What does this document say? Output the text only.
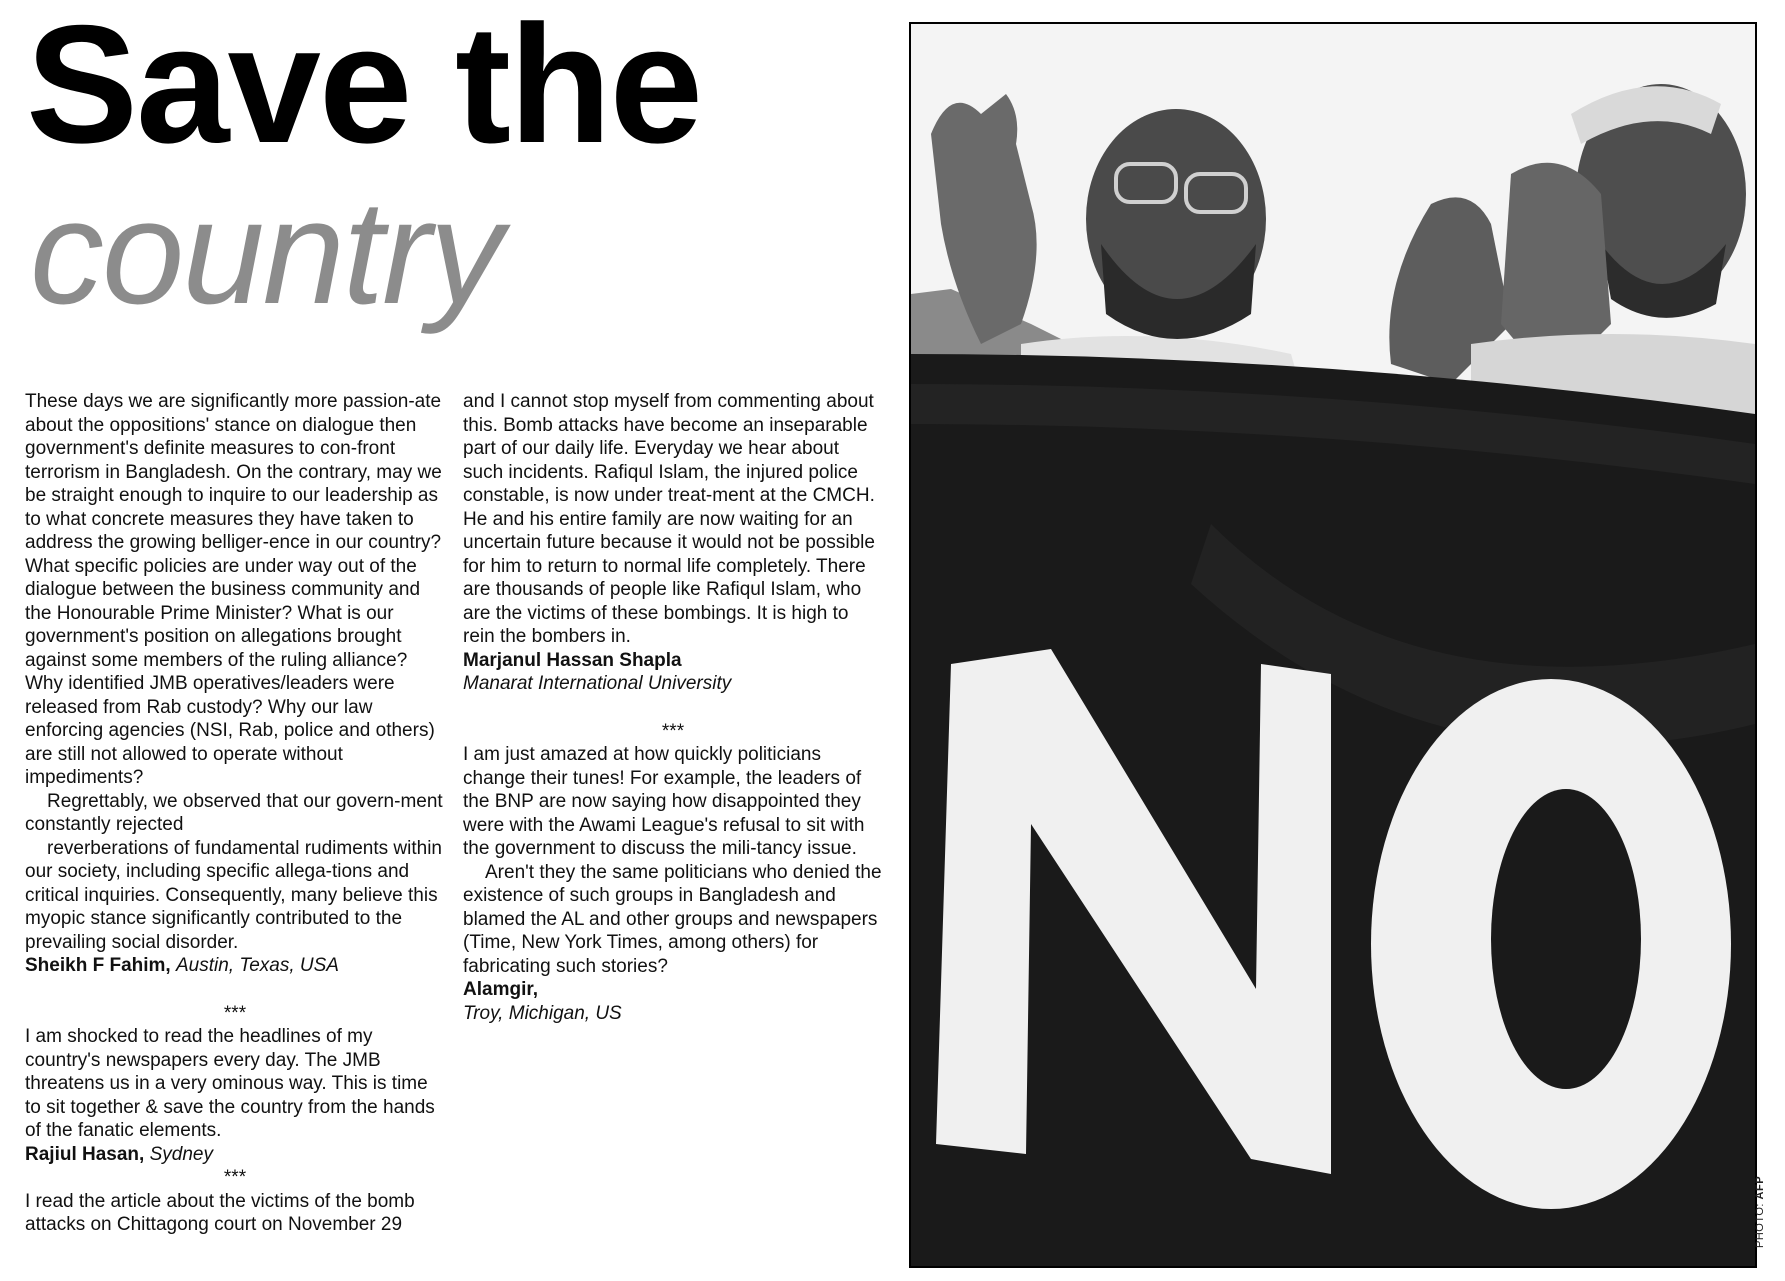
Save the
country

These days we are significantly more passion-ate about the oppositions' stance on dialogue then government's definite measures to con-front terrorism in Bangladesh. On the contrary, may we be straight enough to inquire to our leadership as to what concrete measures they have taken to address the growing belliger-ence in our country? What specific policies are under way out of the dialogue between the business community and the Honourable Prime Minister? What is our government's position on allegations brought against some members of the ruling alliance? Why identified JMB operatives/leaders were released from Rab custody? Why our law enforcing agencies (NSI, Rab, police and others) are still not allowed to operate without impediments?

Regrettably, we observed that our govern-ment constantly rejected

reverberations of fundamental rudiments within our society, including specific allega-tions and critical inquiries. Consequently, many believe this myopic stance significantly contributed to the prevailing social disorder.

Sheikh F Fahim, Austin, Texas, USA

***

I am shocked to read the headlines of my country's newspapers every day. The JMB threatens us in a very ominous way. This is time to sit together & save the country from the hands of the fanatic elements.

Rajiul Hasan, Sydney

***

I read the article about the victims of the bomb attacks on Chittagong court on November 29

and I cannot stop myself from commenting about this. Bomb attacks have become an inseparable part of our daily life. Everyday we hear about such incidents. Rafiqul Islam, the injured police constable, is now under treat-ment at the CMCH. He and his entire family are now waiting for an uncertain future because it would not be possible for him to return to normal life completely. There are thousands of people like Rafiqul Islam, who are the victims of these bombings. It is high to rein the bombers in.

Marjanul Hassan Shapla

Manarat International University

***

I am just amazed at how quickly politicians change their tunes! For example, the leaders of the BNP are now saying how disappointed they were with the Awami League's refusal to sit with the government to discuss the mili-tancy issue.

Aren't they the same politicians who denied the existence of such groups in Bangladesh and blamed the AL and other groups and newspapers (Time, New York Times, among others) for fabricating such stories?

Alamgir,

Troy, Michigan, US

PHOTO: AFP
